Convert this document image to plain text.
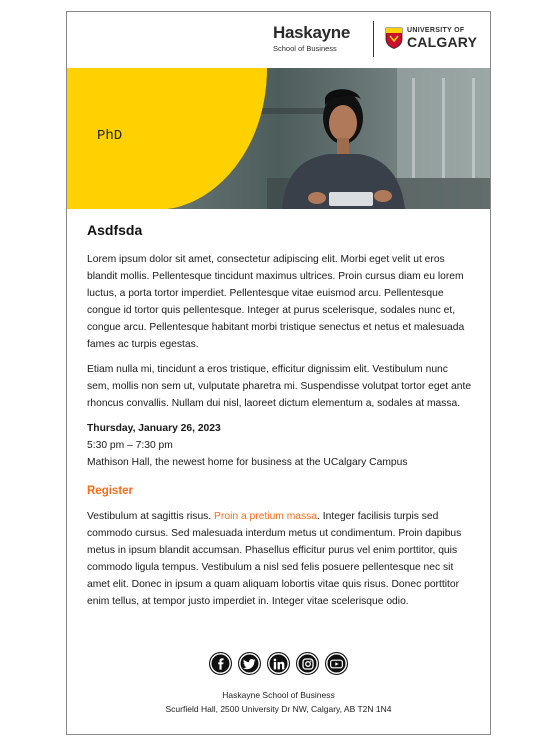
Haskayne
School of Business
UNIVERSITY OF
CALGARY
PhD
Asdfsda

Lorem ipsum dolor sit amet, consectetur adipiscing elit. Morbi eget velit ut eros blandit mollis. Pellentesque tincidunt maximus ultrices. Proin cursus diam eu lorem luctus, a porta tortor imperdiet. Pellentesque vitae euismod arcu. Pellentesque congue id tortor quis pellentesque. Integer at purus scelerisque, sodales nunc et, congue arcu. Pellentesque habitant morbi tristique senectus et netus et malesuada fames ac turpis egestas.

Etiam nulla mi, tincidunt a eros tristique, efficitur dignissim elit. Vestibulum nunc sem, mollis non sem ut, vulputate pharetra mi. Suspendisse volutpat tortor eget ante rhoncus convallis. Nullam dui nisl, laoreet dictum elementum a, sodales at massa.

Thursday, January 26, 2023
5:30 pm – 7:30 pm
Mathison Hall, the newest home for business at the UCalgary Campus
Register

Vestibulum at sagittis risus. Proin a pretium massa. Integer facilisis turpis sed commodo cursus. Sed malesuada interdum metus ut condimentum. Proin dapibus metus in ipsum blandit accumsan. Phasellus efficitur purus vel enim porttitor, quis commodo ligula tempus. Vestibulum a nisl sed felis posuere pellentesque nec sit amet elit. Donec in ipsum a quam aliquam lobortis vitae quis risus. Donec porttitor enim tellus, at tempor justo imperdiet in. Integer vitae scelerisque odio.

Haskayne School of Business
Scurfield Hall, 2500 University Dr NW, Calgary, AB T2N 1N4
